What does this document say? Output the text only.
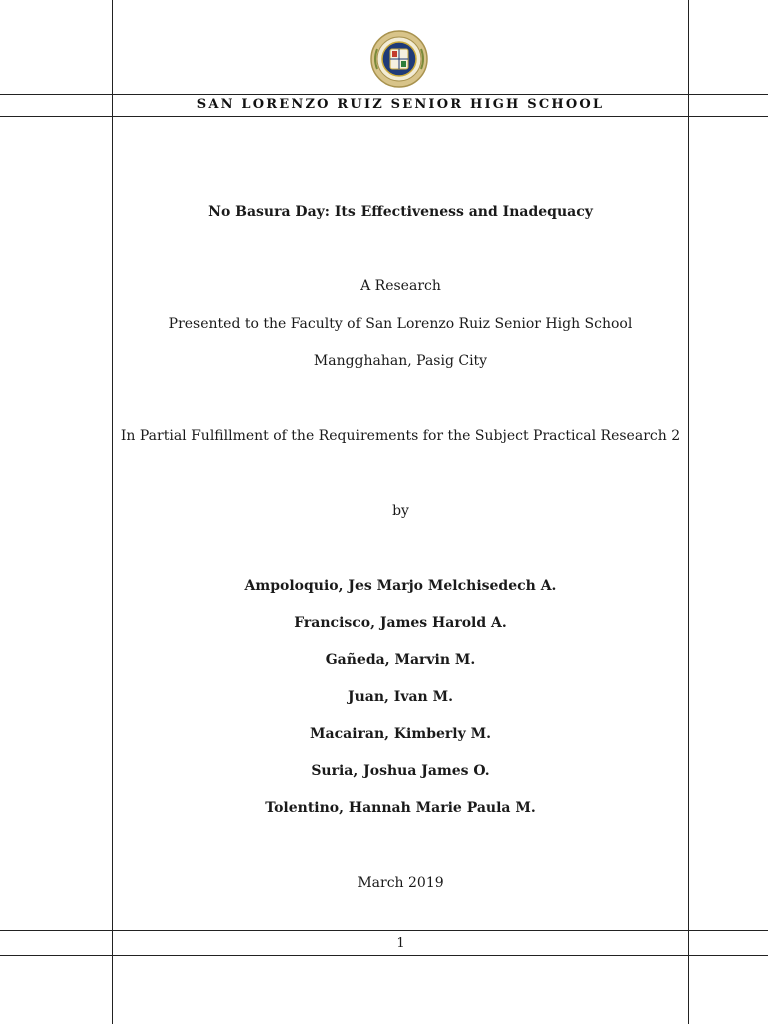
SAN LORENZO RUIZ SENIOR HIGH SCHOOL
No Basura Day: Its Effectiveness and Inadequacy
A Research
Presented to the Faculty of San Lorenzo Ruiz Senior High School
Mangghahan, Pasig City
In Partial Fulfillment of the Requirements for the Subject Practical Research 2
by
Ampoloquio, Jes Marjo Melchisedech A.
Francisco, James Harold A.
Gañeda, Marvin M.
Juan, Ivan M.
Macairan, Kimberly M.
Suria, Joshua James O.
Tolentino, Hannah Marie Paula M.
March 2019
1
